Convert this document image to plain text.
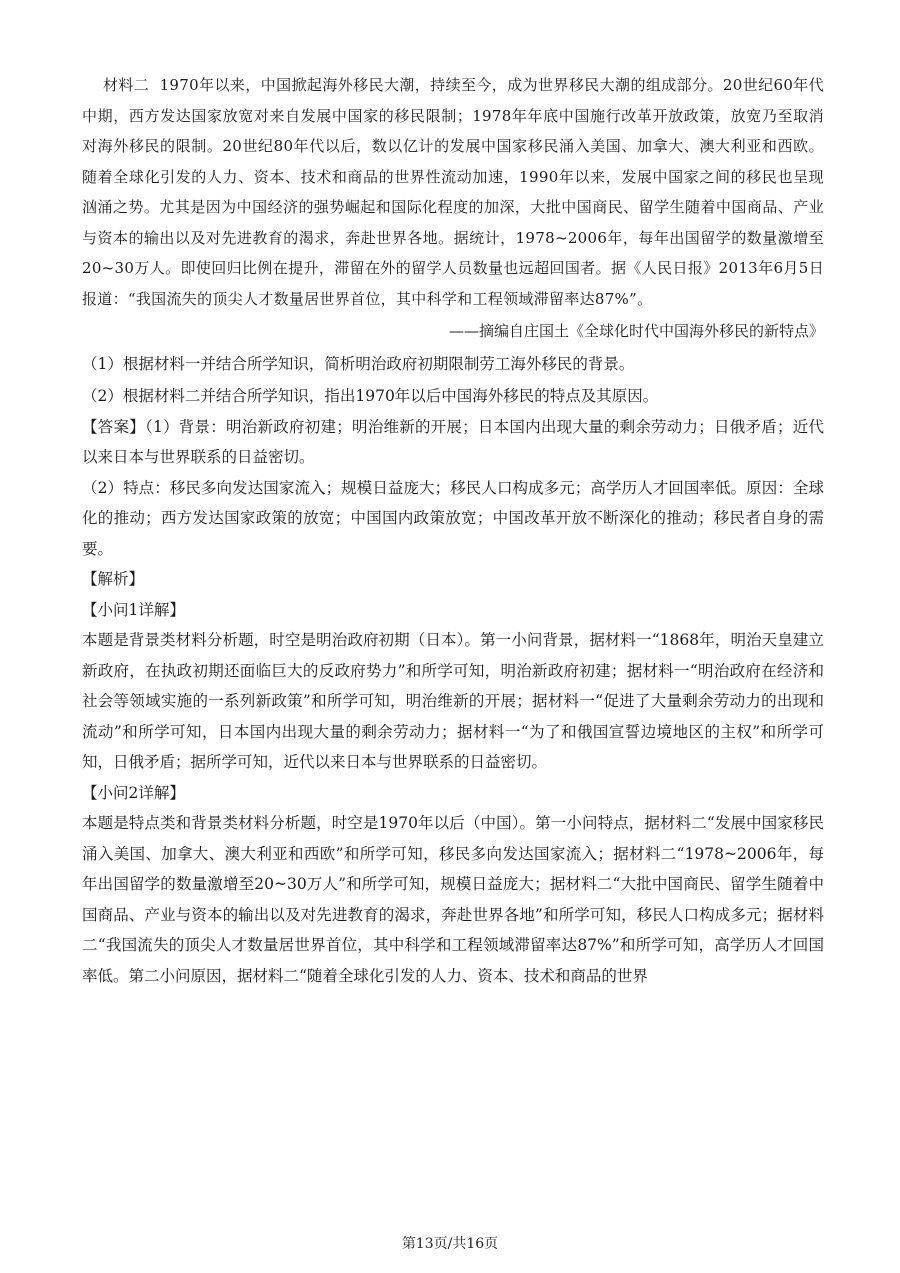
材料二 1970年以来，中国掀起海外移民大潮，持续至今，成为世界移民大潮的组成部分。20世纪60年代中期，西方发达国家放宽对来自发展中国家的移民限制；1978年年底中国施行改革开放政策，放宽乃至取消对海外移民的限制。20世纪80年代以后，数以亿计的发展中国家移民涌入美国、加拿大、澳大利亚和西欧。随着全球化引发的人力、资本、技术和商品的世界性流动加速，1990年以来，发展中国家之间的移民也呈现汹涌之势。尤其是因为中国经济的强势崛起和国际化程度的加深，大批中国商民、留学生随着中国商品、产业与资本的输出以及对先进教育的渴求，奔赴世界各地。据统计，1978~2006年，每年出国留学的数量激增至20~30万人。即使回归比例在提升，滞留在外的留学人员数量也远超回国者。据《人民日报》2013年6月5日报道：“我国流失的顶尖人才数量居世界首位，其中科学和工程领域滞留率达87%”。

——摘编自庄国土《全球化时代中国海外移民的新特点》

（1）根据材料一并结合所学知识，简析明治政府初期限制劳工海外移民的背景。

（2）根据材料二并结合所学知识，指出1970年以后中国海外移民的特点及其原因。

【答案】（1）背景：明治新政府初建；明治维新的开展；日本国内出现大量的剩余劳动力；日俄矛盾；近代以来日本与世界联系的日益密切。

（2）特点：移民多向发达国家流入；规模日益庞大；移民人口构成多元；高学历人才回国率低。原因：全球化的推动；西方发达国家政策的放宽；中国国内政策放宽；中国改革开放不断深化的推动；移民者自身的需要。

【解析】

【小问1详解】

本题是背景类材料分析题，时空是明治政府初期（日本）。第一小问背景，据材料一“1868年，明治天皇建立新政府，在执政初期还面临巨大的反政府势力”和所学可知，明治新政府初建；据材料一“明治政府在经济和社会等领域实施的一系列新政策”和所学可知，明治维新的开展；据材料一“促进了大量剩余劳动力的出现和流动”和所学可知，日本国内出现大量的剩余劳动力；据材料一“为了和俄国宣誓边境地区的主权”和所学可知，日俄矛盾；据所学可知，近代以来日本与世界联系的日益密切。

【小问2详解】

本题是特点类和背景类材料分析题，时空是1970年以后（中国）。第一小问特点，据材料二“发展中国家移民涌入美国、加拿大、澳大利亚和西欧”和所学可知，移民多向发达国家流入；据材料二“1978~2006年，每年出国留学的数量激增至20~30万人”和所学可知，规模日益庞大；据材料二“大批中国商民、留学生随着中国商品、产业与资本的输出以及对先进教育的渴求，奔赴世界各地”和所学可知，移民人口构成多元；据材料二“我国流失的顶尖人才数量居世界首位，其中科学和工程领域滞留率达87%”和所学可知，高学历人才回国率低。第二小问原因，据材料二“随着全球化引发的人力、资本、技术和商品的世界

第13页/共16页
